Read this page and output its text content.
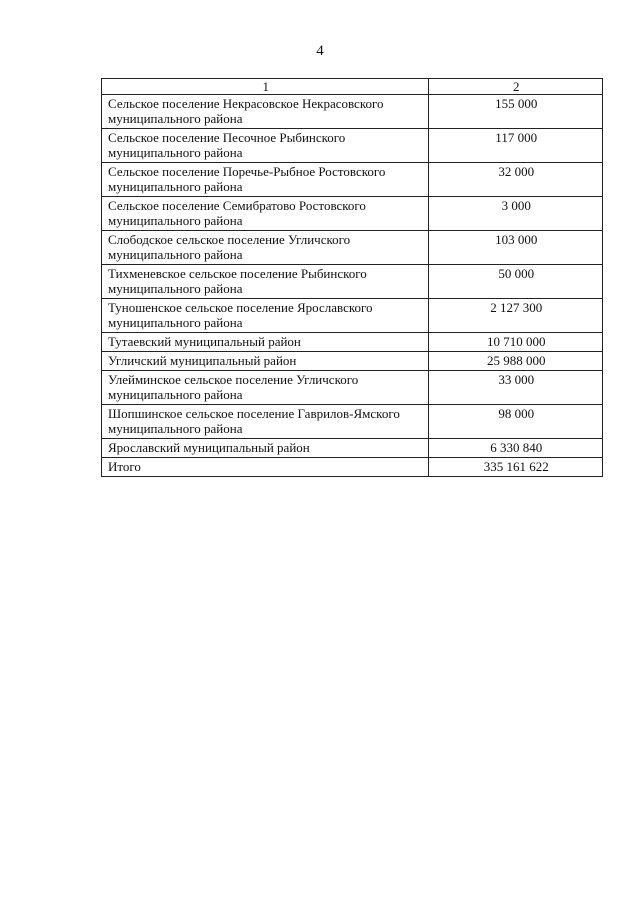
4
1	2
Сельское поселение Некрасовское Некрасовского муниципального района	155 000
Сельское поселение Песочное Рыбинского муниципального района	117 000
Сельское поселение Поречье-Рыбное Ростовского муниципального района	32 000
Сельское поселение Семибратово Ростовского муниципального района	3 000
Слободское сельское поселение Угличского муниципального района	103 000
Тихменевское сельское поселение Рыбинского муниципального района	50 000
Туношенское сельское поселение Ярославского муниципального района	2 127 300
Тутаевский муниципальный район	10 710 000
Угличский муниципальный район	25 988 000
Улейминское сельское поселение Угличского муниципального района	33 000
Шопшинское сельское поселение Гаврилов-Ямского муниципального района	98 000
Ярославский муниципальный район	6 330 840
Итого	335 161 622
